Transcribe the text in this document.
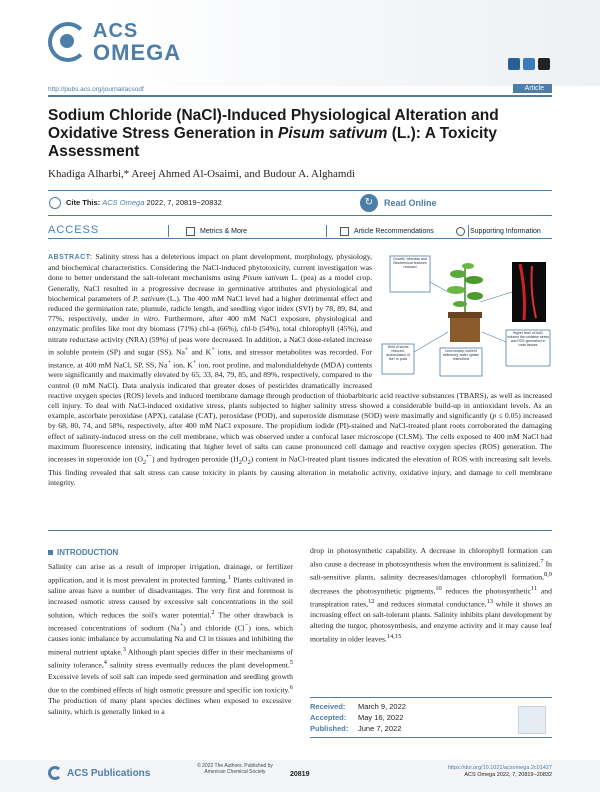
ACS
OMEGA
http://pubs.acs.org/journal/acsodf	Article
Sodium Chloride (NaCl)-Induced Physiological Alteration and
Oxidative Stress Generation in Pisum sativum (L.): A Toxicity
Assessment
Khadiga Alharbi,* Areej Ahmed Al-Osaimi, and Budour A. Alghamdi
Cite This: ACS Omega 2022, 7, 20819−20832	↻	Read Online
ACCESS	Metrics & More	Article Recommendations	Supporting Information
Growth, biomass and Biochemical features reduced
Yield of seeds reduced, accumulation of Na+ in pods
Ionic toxicity, nutrient deficiency, water uptake restrictions
Higher level of NaCl induced the oxidative stress and ROS generation in roots tissues
ABSTRACT: Salinity stress has a deleterious impact on plant development, morphology, physiology, and biochemical characteristics. Considering the NaCl-induced phytotoxicity, current investigation was done to better understand the salt-tolerant mechanisms using Pisum sativum L. (pea) as a model crop. Generally, NaCl resulted in a progressive decrease in germinative attributes and physiological and biochemical parameters of P. sativum (L.). The 400 mM NaCl level had a higher detrimental effect and reduced the germination rate, plumule, radicle length, and seedling vigor index (SVI) by 78, 89, 84, and 77%, respectively, under in vitro. Furthermore, after 400 mM NaCl exposure, physiological and enzymatic profiles like root dry biomass (71%) chl-a (66%), chl-b (54%), total chlorophyll (45%), and nitrate reductase activity (NRA) (59%) of peas were decreased. In addition, a NaCl dose-related increase in soluble protein (SP) and sugar (SS), Na+ and K+ ions, and stressor metabolites was recorded. For instance, at 400 mM NaCl, SP, SS, Na+ ion, K+ ion, root proline, and malondialdehyde (MDA) contents were significantly and maximally elevated by 65, 33, 84, 79, 85, and 89%, respectively, compared to the control (0 mM NaCl). Data analysis indicated that greater doses of pesticides dramatically increased reactive oxygen species (ROS) levels and induced membrane damage through production of thiobarbituric acid reactive substances (TBARS), as well as increased cell injury. To deal with NaCl-induced oxidative stress, plants subjected to higher salinity stress showed a considerable build-up in antioxidant levels. As an example, ascorbate peroxidase (APX), catalase (CAT), peroxidase (POD), and superoxide dismutase (SOD) were maximally and significantly (p ≤ 0.05) increased by 68, 80, 74, and 58%, respectively, after 400 mM NaCl exposure. The propidium iodide (PI)-stained and NaCl-treated plant roots corroborated the damaging effect of salinity-induced stress on the cell membrane, which was observed under a confocal laser microscope (CLSM). The cells exposed to 400 mM NaCl had maximum fluorescence intensity, indicating that higher level of salts can cause pronounced cell damage and reactive oxygen species (ROS) generation. The increases in superoxide ion $(O_2^{•-})$ and hydrogen peroxide $(H_2O_2)$ content in NaCl-treated plant tissues indicated the elevation of ROS with increasing salt levels. This finding revealed that salt stress can cause toxicity in plants by causing alteration in metabolic activity, oxidative injury, and damage to cell membrane integrity.
INTRODUCTION
Salinity can arise as a result of improper irrigation, drainage, or fertilizer application, and it is most prevalent in protected farming.$^1$ Plants cultivated in saline areas have a number of disadvantages. The very first and foremost is increased osmotic stress caused by excessive salt concentrations in the soil solution, which reduces the soil's water potential.$^2$ The other drawback is increased concentrations of sodium (Na+) and chloride (Cl−) ions, which causes ionic imbalance by accumulating Na and Cl in tissues and inhibiting the mineral nutrient uptake.$^3$ Although plant species differ in their mechanisms of salinity tolerance,$^4$ salinity stress eventually reduces the plant development.$^5$ Excessive levels of soil salt can impede seed germination and seedling growth due to the combined effects of high osmotic pressure and specific ion toxicity.$^6$ The production of many plant species declines when exposed to excessive salinity, which is generally linked to a
drop in photosynthetic capability. A decrease in chlorophyll formation can also cause a decrease in photosynthesis when the environment is salinized.$^7$ In salt-sensitive plants, salinity decreases/damages chlorophyll formation,$^{8,9}$ decreases the photosynthetic pigments,$^{10}$ reduces the photosynthetic$^{11}$ and transpiration rates,$^{12}$ and reduces stomatal conductance,$^{13}$ while it shows an increasing effect on salt-tolerant plants. Salinity inhibits plant development by altering the turgor, photosynthesis, and enzyme activity and it may cause leaf mortality in older leaves.$^{14,15}$
Received:	March 9, 2022
Accepted:	May 16, 2022
Published:	June 7, 2022
ACS Publications
© 2022 The Authors. Published by American Chemical Society	20819
https://doi.org/10.1021/acsomega.2c01427
ACS Omega 2022, 7, 20819−20832
